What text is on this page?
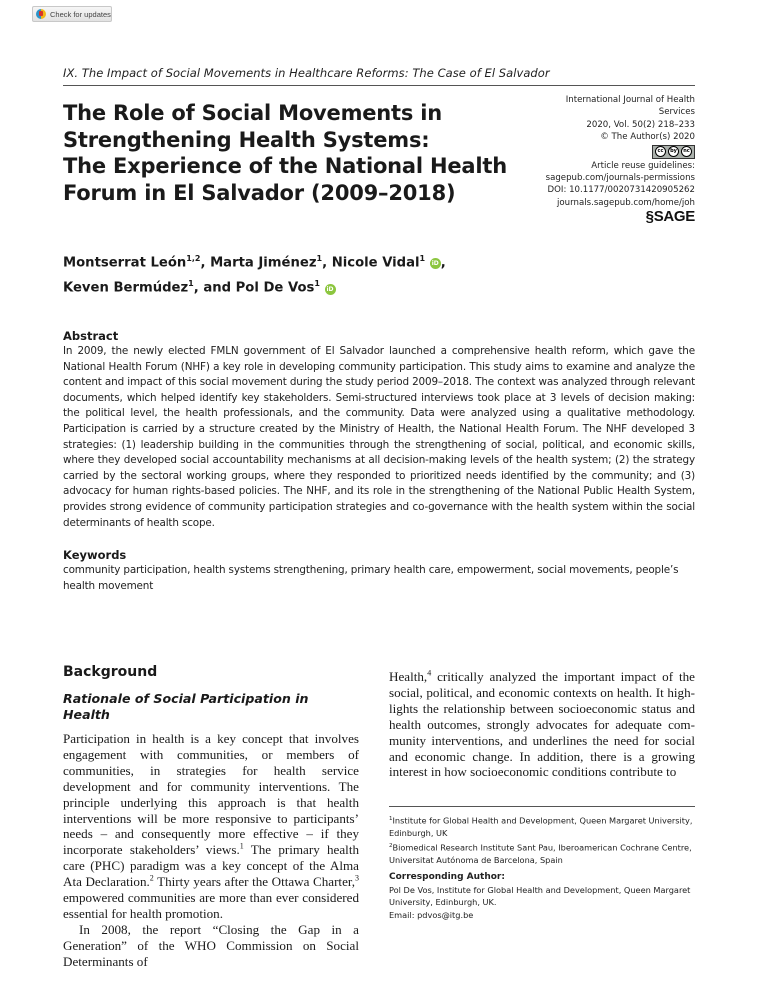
Check for updates
IX. The Impact of Social Movements in Healthcare Reforms: The Case of El Salvador
The Role of Social Movements in
Strengthening Health Systems:
The Experience of the National Health
Forum in El Salvador (2009–2018)
International Journal of Health
Services
2020, Vol. 50(2) 218–233
© The Author(s) 2020
cc	by	nc
Article reuse guidelines:
sagepub.com/journals-permissions
DOI: 10.1177/0020731420905262
journals.sagepub.com/home/joh
§SAGE
Montserrat León$^{1,2}$, Marta Jiménez$^1$, Nicole Vidal$^1$ iD ,
Keven Bermúdez$^1$, and Pol De Vos$^1$ iD
Abstract

In 2009, the newly elected FMLN government of El Salvador launched a comprehensive health reform, which gave the National Health Forum (NHF) a key role in developing community participation. This study aims to examine and analyze the content and impact of this social movement during the study period 2009–2018. The context was analyzed through relevant documents, which helped identify key stakeholders. Semi-structured interviews took place at 3 levels of decision making: the political level, the health professionals, and the community. Data were analyzed using a qualitative methodology. Participation is carried by a structure created by the Ministry of Health, the National Health Forum. The NHF developed 3 strategies: (1) leadership building in the communities through the strengthening of social, political, and economic skills, where they developed social accountability mechanisms at all decision-making levels of the health system; (2) the strategy carried by the sectoral working groups, where they responded to prioritized needs identified by the community; and (3) advocacy for human rights-based policies. The NHF, and its role in the strengthening of the National Public Health System, provides strong evidence of community participation strategies and co-governance with the health system within the social determinants of health scope.

Keywords

community participation, health systems strengthening, primary health care, empowerment, social movements, people’s health movement

Background
Rationale of Social Participation in Health

Participation in health is a key concept that involves engagement with communities, or members of communities, in strategies for health service development and for community interventions. The principle underlying this approach is that health interventions will be more responsive to participants’ needs – and consequently more effective – if they incorporate stakeholders’ views.$^1$ The primary health care (PHC) paradigm was a key concept of the Alma Ata Declaration.$^2$ Thirty years after the Ottawa Charter,$^3$ empowered communities are more than ever considered essential for health promotion.

In 2008, the report “Closing the Gap in a Generation” of the WHO Commission on Social Determinants of

Health,$^4$ critically analyzed the important impact of the social, political, and economic contexts on health. It highlights the relationship between socioeconomic status and health outcomes, strongly advocates for adequate community interventions, and underlines the need for social and economic change. In addition, there is a growing interest in how socioeconomic conditions contribute to

$^1$Institute for Global Health and Development, Queen Margaret University, Edinburgh, UK
$^2$Biomedical Research Institute Sant Pau, Iberoamerican Cochrane Centre, Universitat Autónoma de Barcelona, Spain
Corresponding Author:
Pol De Vos, Institute for Global Health and Development, Queen Margaret University, Edinburgh, UK.
Email: pdvos@itg.be
